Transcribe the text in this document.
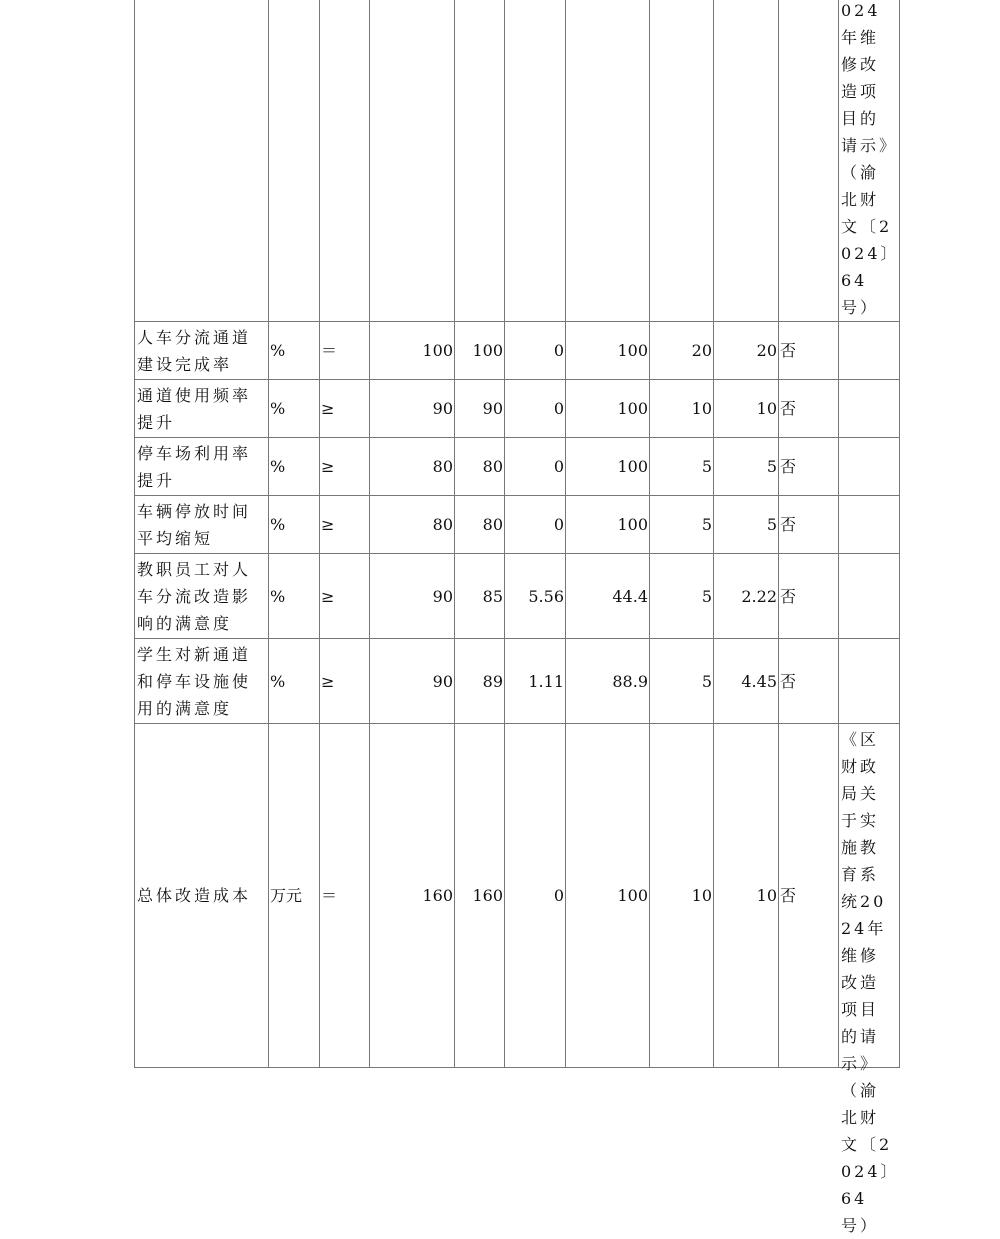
										024年维修改造项目的请示》（渝北财文〔2024〕64号）

人车分流通道建设完成率	%	＝	100	100	0	100	20	20	否	
通道使用频率提升	%	≥	90	90	0	100	10	10	否	
停车场利用率提升	%	≥	80	80	0	100	5	5	否	
车辆停放时间平均缩短	%	≥	80	80	0	100	5	5	否	
教职员工对人车分流改造影响的满意度	%	≥	90	85	5.56	44.4	5	2.22	否	
学生对新通道和停车设施使用的满意度	%	≥	90	89	1.11	88.9	5	4.45	否	
总体改造成本	万元	＝	160	160	0	100	10	10	否	《区财政局关于实施教育系统2024年维修改造项目的请示》（渝北财文〔2024〕64号）
